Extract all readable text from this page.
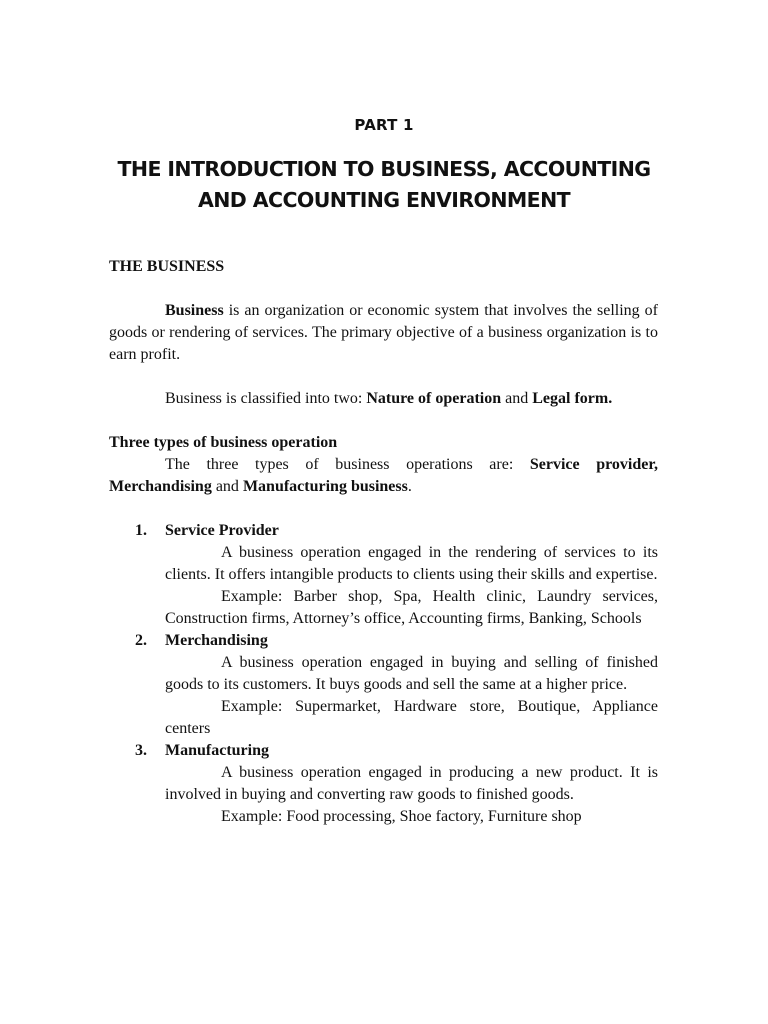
PART 1
THE INTRODUCTION TO BUSINESS, ACCOUNTING
AND ACCOUNTING ENVIRONMENT

THE BUSINESS

Business is an organization or economic system that involves the selling of goods or rendering of services. The primary objective of a business organization is to earn profit.

Business is classified into two: Nature of operation and Legal form.

Three types of business operation

The three types of business operations are: Service provider, Merchandising and Manufacturing business.

1. Service Provider

A business operation engaged in the rendering of services to its clients. It offers intangible products to clients using their skills and expertise.

Example: Barber shop, Spa, Health clinic, Laundry services, Construction firms, Attorney’s office, Accounting firms, Banking, Schools

2. Merchandising

A business operation engaged in buying and selling of finished goods to its customers. It buys goods and sell the same at a higher price.

Example: Supermarket, Hardware store, Boutique, Appliance centers

3. Manufacturing

A business operation engaged in producing a new product. It is involved in buying and converting raw goods to finished goods.

Example: Food processing, Shoe factory, Furniture shop
